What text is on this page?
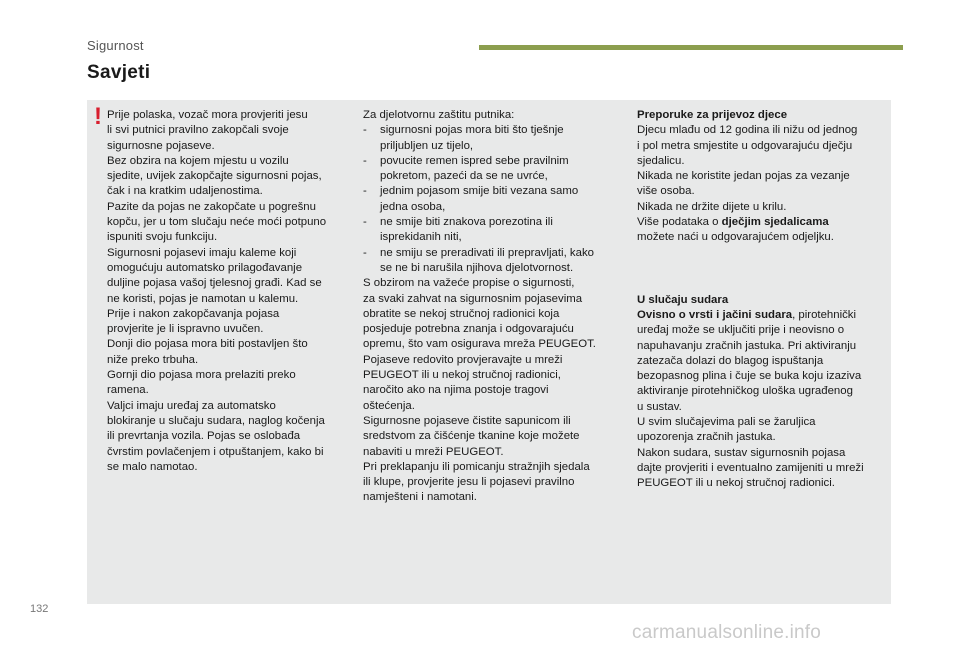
Sigurnost
Savjeti
! Prije polaska, vozač mora provjeriti jesu

li svi putnici pravilno zakopčali svoje

sigurnosne pojaseve.

Bez obzira na kojem mjestu u vozilu

sjedite, uvijek zakopčajte sigurnosni pojas,

čak i na kratkim udaljenostima.

Pazite da pojas ne zakopčate u pogrešnu

kopču, jer u tom slučaju neće moći potpuno

ispuniti svoju funkciju.

Sigurnosni pojasevi imaju kaleme koji

omogućuju automatsko prilagođavanje

duljine pojasa vašoj tjelesnoj građi. Kad se

ne koristi, pojas je namotan u kalemu.

Prije i nakon zakopčavanja pojasa

provjerite je li ispravno uvučen.

Donji dio pojasa mora biti postavljen što

niže preko trbuha.

Gornji dio pojasa mora prelaziti preko

ramena.

Valjci imaju uređaj za automatsko

blokiranje u slučaju sudara, naglog kočenja

ili prevrtanja vozila. Pojas se oslobađa

čvrstim povlačenjem i otpuštanjem, kako bi

se malo namotao.

Za djelotvornu zaštitu putnika:

-	sigurnosni pojas mora biti što tješnje

priljubljen uz tijelo,

-	povucite remen ispred sebe pravilnim

pokretom, pazeći da se ne uvrće,

-	jednim pojasom smije biti vezana samo

jedna osoba,

-	ne smije biti znakova porezotina ili

isprekidanih niti,

-	ne smiju se preradivati ili prepravljati, kako

se ne bi narušila njihova djelotvornost.

S obzirom na važeće propise o sigurnosti,

za svaki zahvat na sigurnosnim pojasevima

obratite se nekoj stručnoj radionici koja

posjeduje potrebna znanja i odgovarajuću

opremu, što vam osigurava mreža PEUGEOT.

Pojaseve redovito provjeravajte u mreži

PEUGEOT ili u nekoj stručnoj radionici,

naročito ako na njima postoje tragovi

oštećenja.

Sigurnosne pojaseve čistite sapunicom ili

sredstvom za čišćenje tkanine koje možete

nabaviti u mreži PEUGEOT.

Pri preklapanju ili pomicanju stražnjih sjedala

ili klupe, provjerite jesu li pojasevi pravilno

namješteni i namotani.

Preporuke za prijevoz djece

Djecu mlađu od 12 godina ili nižu od jednog

i pol metra smjestite u odgovarajuću dječju

sjedalicu.

Nikada ne koristite jedan pojas za vezanje

više osoba.

Nikada ne držite dijete u krilu.

Više podataka o dječjim sjedalicama

možete naći u odgovarajućem odjeljku.

U slučaju sudara

Ovisno o vrsti i jačini sudara, pirotehnički

uređaj može se uključiti prije i neovisno o

napuhavanju zračnih jastuka. Pri aktiviranju

zatezača dolazi do blagog ispuštanja

bezopasnog plina i čuje se buka koju izaziva

aktiviranje pirotehničkog uloška ugrađenog

u sustav.

U svim slučajevima pali se žaruljica

upozorenja zračnih jastuka.

Nakon sudara, sustav sigurnosnih pojasa

dajte provjeriti i eventualno zamijeniti u mreži

PEUGEOT ili u nekoj stručnoj radionici.

132
carmanualsonline.info
